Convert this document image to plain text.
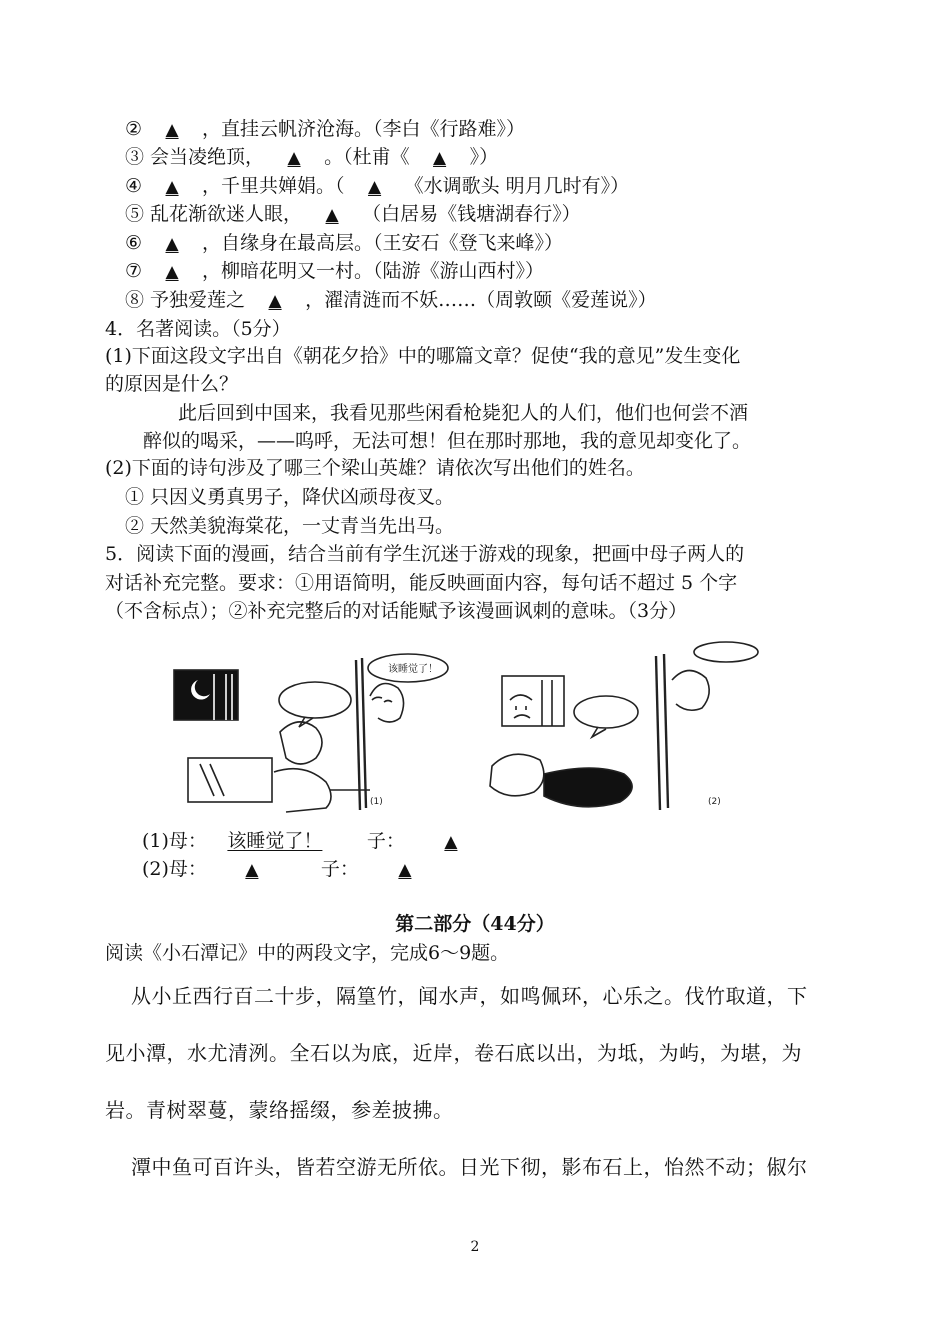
② ▲ ，直挂云帆济沧海。（李白《行路难》）
③ 会当凌绝顶， ▲ 。（杜甫《 ▲ 》）
④ ▲ ，千里共婵娟。（ ▲ 《水调歌头 明月几时有》）
⑤ 乱花渐欲迷人眼， ▲ （白居易《钱塘湖春行》）
⑥ ▲ ，自缘身在最高层。（王安石《登飞来峰》）
⑦ ▲ ，柳暗花明又一村。（陆游《游山西村》）
⑧ 予独爱莲之 ▲ ，濯清涟而不妖……（周敦颐《爱莲说》）
4．名著阅读。（5分）
(1)下面这段文字出自《朝花夕拾》中的哪篇文章？促使“我的意见”发生变化
的原因是什么？
此后回到中国来，我看见那些闲看枪毙犯人的人们，他们也何尝不酒
醉似的喝采，——呜呼，无法可想！但在那时那地，我的意见却变化了。
(2)下面的诗句涉及了哪三个梁山英雄？请依次写出他们的姓名。
① 只因义勇真男子，降伏凶顽母夜叉。
② 天然美貌海棠花，一丈青当先出马。
5．阅读下面的漫画，结合当前有学生沉迷于游戏的现象，把画中母子两人的
对话补充完整。要求：①用语简明，能反映画面内容，每句话不超过 5 个字
（不含标点）；②补充完整后的对话能赋予该漫画讽刺的意味。（3分）
该睡觉了！
(1)	(2)
(1)母： 该睡觉了！ 子： ▲
(2)母： ▲	子： ▲
第二部分（44分）
阅读《小石潭记》中的两段文字，完成6～9题。
从小丘西行百二十步，隔篁竹，闻水声，如鸣佩环，心乐之。伐竹取道，下
见小潭，水尤清洌。全石以为底，近岸，卷石底以出，为坻，为屿，为堪，为
岩。青树翠蔓，蒙络摇缀，参差披拂。
潭中鱼可百许头，皆若空游无所依。日光下彻，影布石上，怡然不动；俶尔
2
